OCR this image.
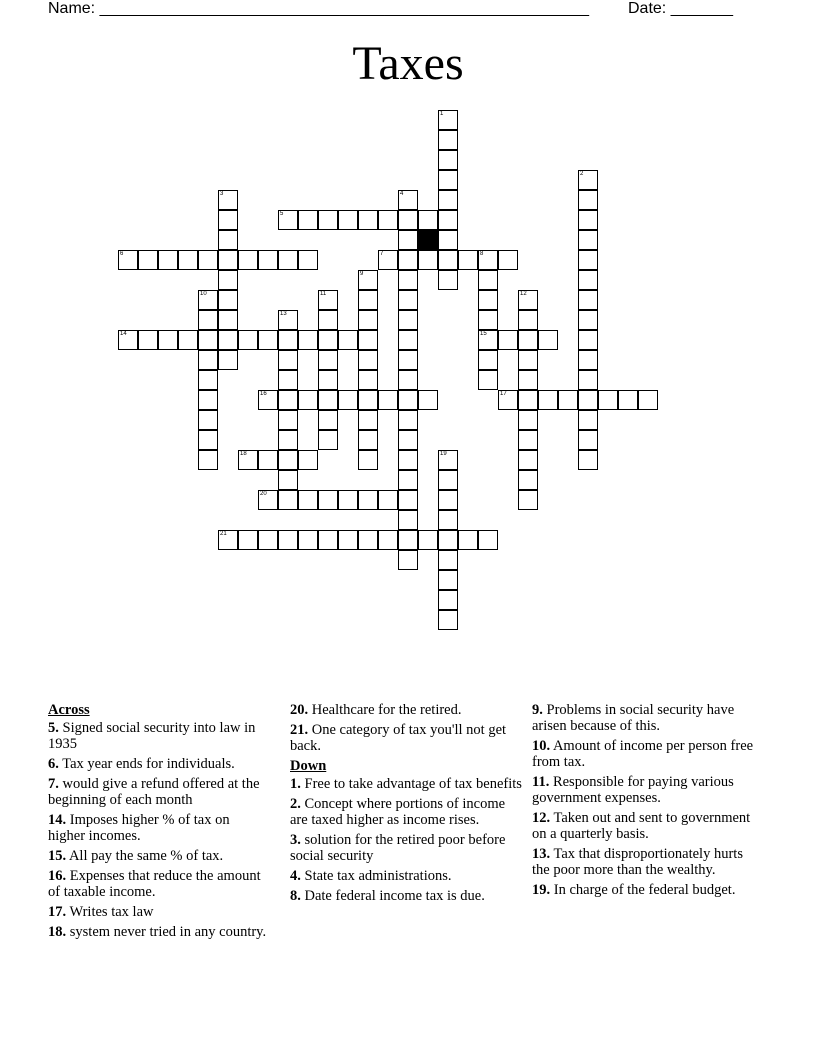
Name: _______________________________________________________ Date: _______
Taxes
1
2
3	4
5
6	7	8
15
9
10	11	12
13
14
16	17
18	19
20
21
Across
5. Signed social security into law in 1935
6. Tax year ends for individuals.
7. would give a refund offered at the beginning of each month
14. Imposes higher % of tax on higher incomes.
15. All pay the same % of tax.
16. Expenses that reduce the amount of taxable income.
17. Writes tax law
18. system never tried in any country.
20. Healthcare for the retired.
21. One category of tax you'll not get back.
Down
1. Free to take advantage of tax benefits
2. Concept where portions of income are taxed higher as income rises.
3. solution for the retired poor before social security
4. State tax administrations.
8. Date federal income tax is due.
9. Problems in social security have arisen because of this.
10. Amount of income per person free from tax.
11. Responsible for paying various government expenses.
12. Taken out and sent to government on a quarterly basis.
13. Tax that disproportionately hurts the poor more than the wealthy.
19. In charge of the federal budget.
